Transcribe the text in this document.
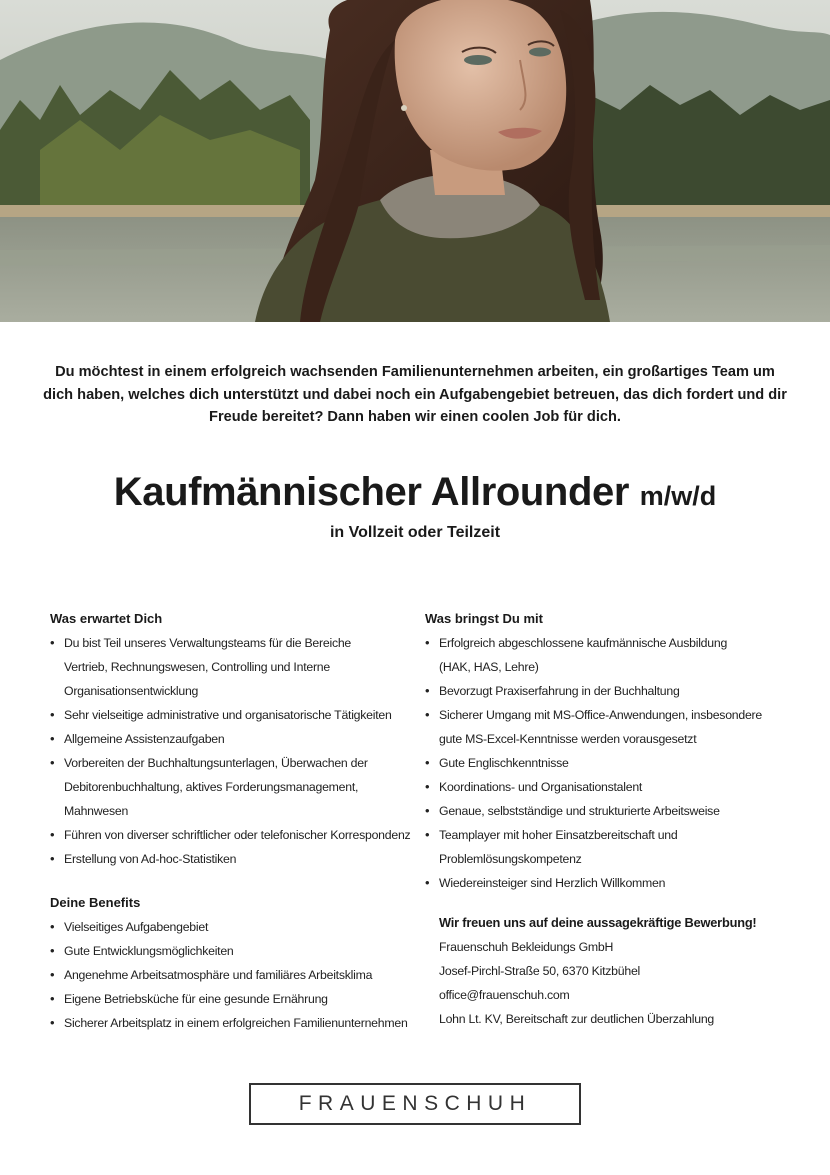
Du möchtest in einem erfolgreich wachsenden Familienunternehmen arbeiten, ein großartiges Team um dich haben, welches dich unterstützt und dabei noch ein Aufgabengebiet betreuen, das dich fordert und dir Freude bereitet? Dann haben wir einen coolen Job für dich.

Kaufmännischer Allrounder m/w/d
in Vollzeit oder Teilzeit
Was erwartet Dich
• Du bist Teil unseres Verwaltungsteams für die Bereiche
Vertrieb, Rechnungswesen, Controlling und Interne
Organisationsentwicklung
• Sehr vielseitige administrative und organisatorische Tätigkeiten
• Allgemeine Assistenzaufgaben
• Vorbereiten der Buchhaltungsunterlagen, Überwachen der
Debitorenbuchhaltung, aktives Forderungsmanagement,
Mahnwesen
• Führen von diverser schriftlicher oder telefonischer Korrespondenz
• Erstellung von Ad-hoc-Statistiken
Deine Benefits
• Vielseitiges Aufgabengebiet
• Gute Entwicklungsmöglichkeiten
• Angenehme Arbeitsatmosphäre und familiäres Arbeitsklima
• Eigene Betriebsküche für eine gesunde Ernährung
• Sicherer Arbeitsplatz in einem erfolgreichen Familienunternehmen
Was bringst Du mit
• Erfolgreich abgeschlossene kaufmännische Ausbildung
(HAK, HAS, Lehre)
• Bevorzugt Praxiserfahrung in der Buchhaltung
• Sicherer Umgang mit MS-Office-Anwendungen, insbesondere
gute MS-Excel-Kenntnisse werden vorausgesetzt
• Gute Englischkenntnisse
• Koordinations- und Organisationstalent
• Genaue, selbstständige und strukturierte Arbeitsweise
• Teamplayer mit hoher Einsatzbereitschaft und
Problemlösungskompetenz
• Wiedereinsteiger sind Herzlich Willkommen
Wir freuen uns auf deine aussagekräftige Bewerbung!
Frauenschuh Bekleidungs GmbH
Josef-Pirchl-Straße 50, 6370 Kitzbühel
office@frauenschuh.com
Lohn Lt. KV, Bereitschaft zur deutlichen Überzahlung
FRAUENSCHUH
